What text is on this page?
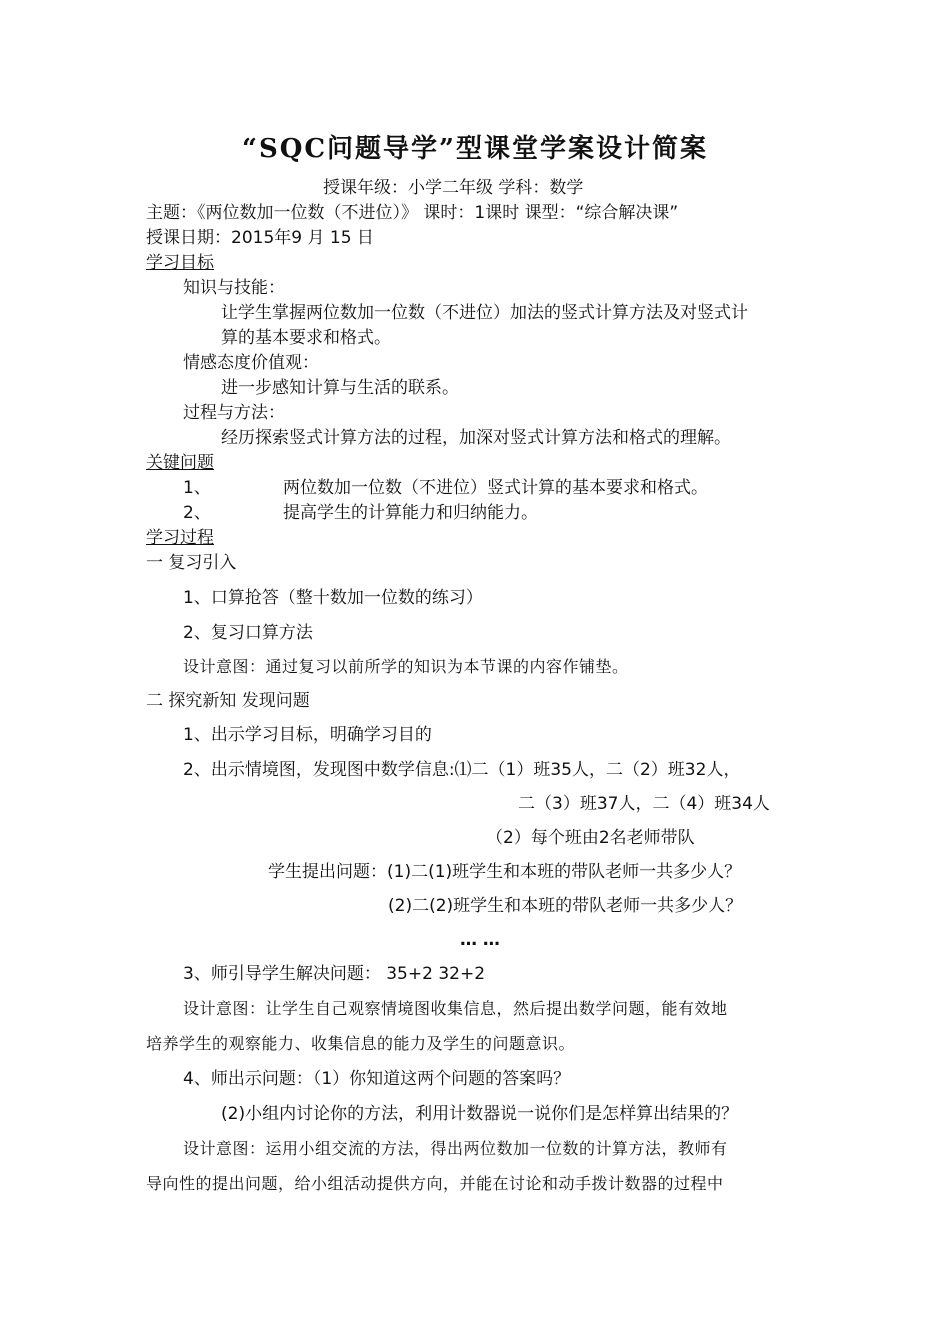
“SQC问题导学”型课堂学案设计简案
授课年级：小学二年级 学科：数学
主题：《两位数加一位数（不进位）》 课时：1课时 课型：“综合解决课”
授课日期：2015年9 月 15 日
学习目标
知识与技能：
让学生掌握两位数加一位数（不进位）加法的竖式计算方法及对竖式计
算的基本要求和格式。
情感态度价值观：
进一步感知计算与生活的联系。
过程与方法：
经历探索竖式计算方法的过程，加深对竖式计算方法和格式的理解。
关键问题
1、	两位数加一位数（不进位）竖式计算的基本要求和格式。
2、	提高学生的计算能力和归纳能力。
学习过程
一 复习引入
1、口算抢答（整十数加一位数的练习）
2、复习口算方法
设计意图：通过复习以前所学的知识为本节课的内容作铺垫。
二 探究新知 发现问题
1、出示学习目标，明确学习目的
2、出示情境图，发现图中数学信息:⑴二（1）班35人，二（2）班32人，
二（3）班37人，二（4）班34人
（2）每个班由2名老师带队
学生提出问题：(1)二(1)班学生和本班的带队老师一共多少人？
(2)二(2)班学生和本班的带队老师一共多少人？
… …
3、师引导学生解决问题： 35+2 32+2
设计意图：让学生自己观察情境图收集信息，然后提出数学问题，能有效地
培养学生的观察能力、收集信息的能力及学生的问题意识。
4、师出示问题：（1）你知道这两个问题的答案吗？
(2)小组内讨论你的方法，利用计数器说一说你们是怎样算出结果的？
设计意图：运用小组交流的方法，得出两位数加一位数的计算方法，教师有
导向性的提出问题，给小组活动提供方向，并能在讨论和动手拨计数器的过程中
